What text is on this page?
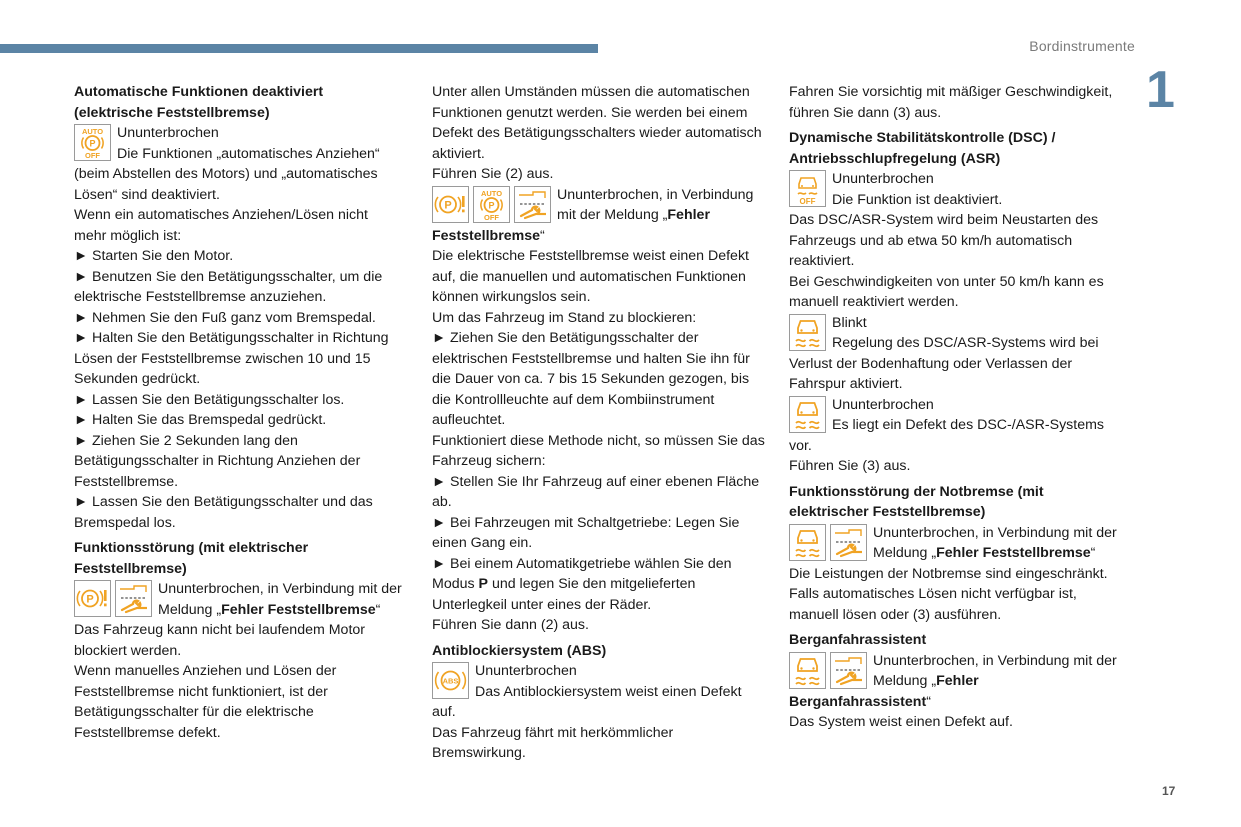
Bordinstrumente
1
17

Automatische Funktionen deaktiviert (elektrische Feststellbremse)

Ununterbrochen

Die Funktionen „automatisches Anziehen“ (beim Abstellen des Motors) und „automatisches Lösen“ sind deaktiviert.

Wenn ein automatisches Anziehen/Lösen nicht mehr möglich ist:

► Starten Sie den Motor.

► Benutzen Sie den Betätigungsschalter, um die elektrische Feststellbremse anzuziehen.

► Nehmen Sie den Fuß ganz vom Bremspedal.

► Halten Sie den Betätigungsschalter in Richtung Lösen der Feststellbremse zwischen 10 und 15 Sekunden gedrückt.

► Lassen Sie den Betätigungsschalter los.

► Halten Sie das Bremspedal gedrückt.

► Ziehen Sie 2 Sekunden lang den Betätigungsschalter in Richtung Anziehen der Feststellbremse.

► Lassen Sie den Betätigungsschalter und das Bremspedal los.

Funktionsstörung (mit elektrischer Feststellbremse)

Ununterbrochen, in Verbindung mit der Meldung „Fehler Feststellbremse“

Das Fahrzeug kann nicht bei laufendem Motor blockiert werden.

Wenn manuelles Anziehen und Lösen der Feststellbremse nicht funktioniert, ist der Betätigungsschalter für die elektrische Feststellbremse defekt.

Unter allen Umständen müssen die automatischen Funktionen genutzt werden. Sie werden bei einem Defekt des Betätigungsschalters wieder automatisch aktiviert.

Führen Sie (2) aus.

Ununterbrochen, in Verbindung mit der Meldung „Fehler Feststellbremse“

Die elektrische Feststellbremse weist einen Defekt auf, die manuellen und automatischen Funktionen können wirkungslos sein.

Um das Fahrzeug im Stand zu blockieren:

► Ziehen Sie den Betätigungsschalter der elektrischen Feststellbremse und halten Sie ihn für die Dauer von ca. 7 bis 15 Sekunden gezogen, bis die Kontrollleuchte auf dem Kombiinstrument aufleuchtet.

Funktioniert diese Methode nicht, so müssen Sie das Fahrzeug sichern:

► Stellen Sie Ihr Fahrzeug auf einer ebenen Fläche ab.

► Bei Fahrzeugen mit Schaltgetriebe: Legen Sie einen Gang ein.

► Bei einem Automatikgetriebe wählen Sie den Modus P und legen Sie den mitgelieferten Unterlegkeil unter eines der Räder.

Führen Sie dann (2) aus.

Antiblockiersystem (ABS)

Ununterbrochen

Das Antiblockiersystem weist einen Defekt auf.

Das Fahrzeug fährt mit herkömmlicher Bremswirkung.

Fahren Sie vorsichtig mit mäßiger Geschwindigkeit, führen Sie dann (3) aus.

Dynamische Stabilitätskontrolle (DSC) / Antriebsschlupfregelung (ASR)

Ununterbrochen

Die Funktion ist deaktiviert.

Das DSC/ASR-System wird beim Neustarten des Fahrzeugs und ab etwa 50 km/h automatisch reaktiviert.

Bei Geschwindigkeiten von unter 50 km/h kann es manuell reaktiviert werden.

Blinkt

Regelung des DSC/ASR-Systems wird bei Verlust der Bodenhaftung oder Verlassen der Fahrspur aktiviert.

Ununterbrochen

Es liegt ein Defekt des DSC-/ASR-Systems vor.

Führen Sie (3) aus.

Funktionsstörung der Notbremse (mit elektrischer Feststellbremse)

Ununterbrochen, in Verbindung mit der Meldung „Fehler Feststellbremse“

Die Leistungen der Notbremse sind eingeschränkt.

Falls automatisches Lösen nicht verfügbar ist, manuell lösen oder (3) ausführen.

Berganfahrassistent

Ununterbrochen, in Verbindung mit der Meldung „Fehler Berganfahrassistent“

Das System weist einen Defekt auf.
